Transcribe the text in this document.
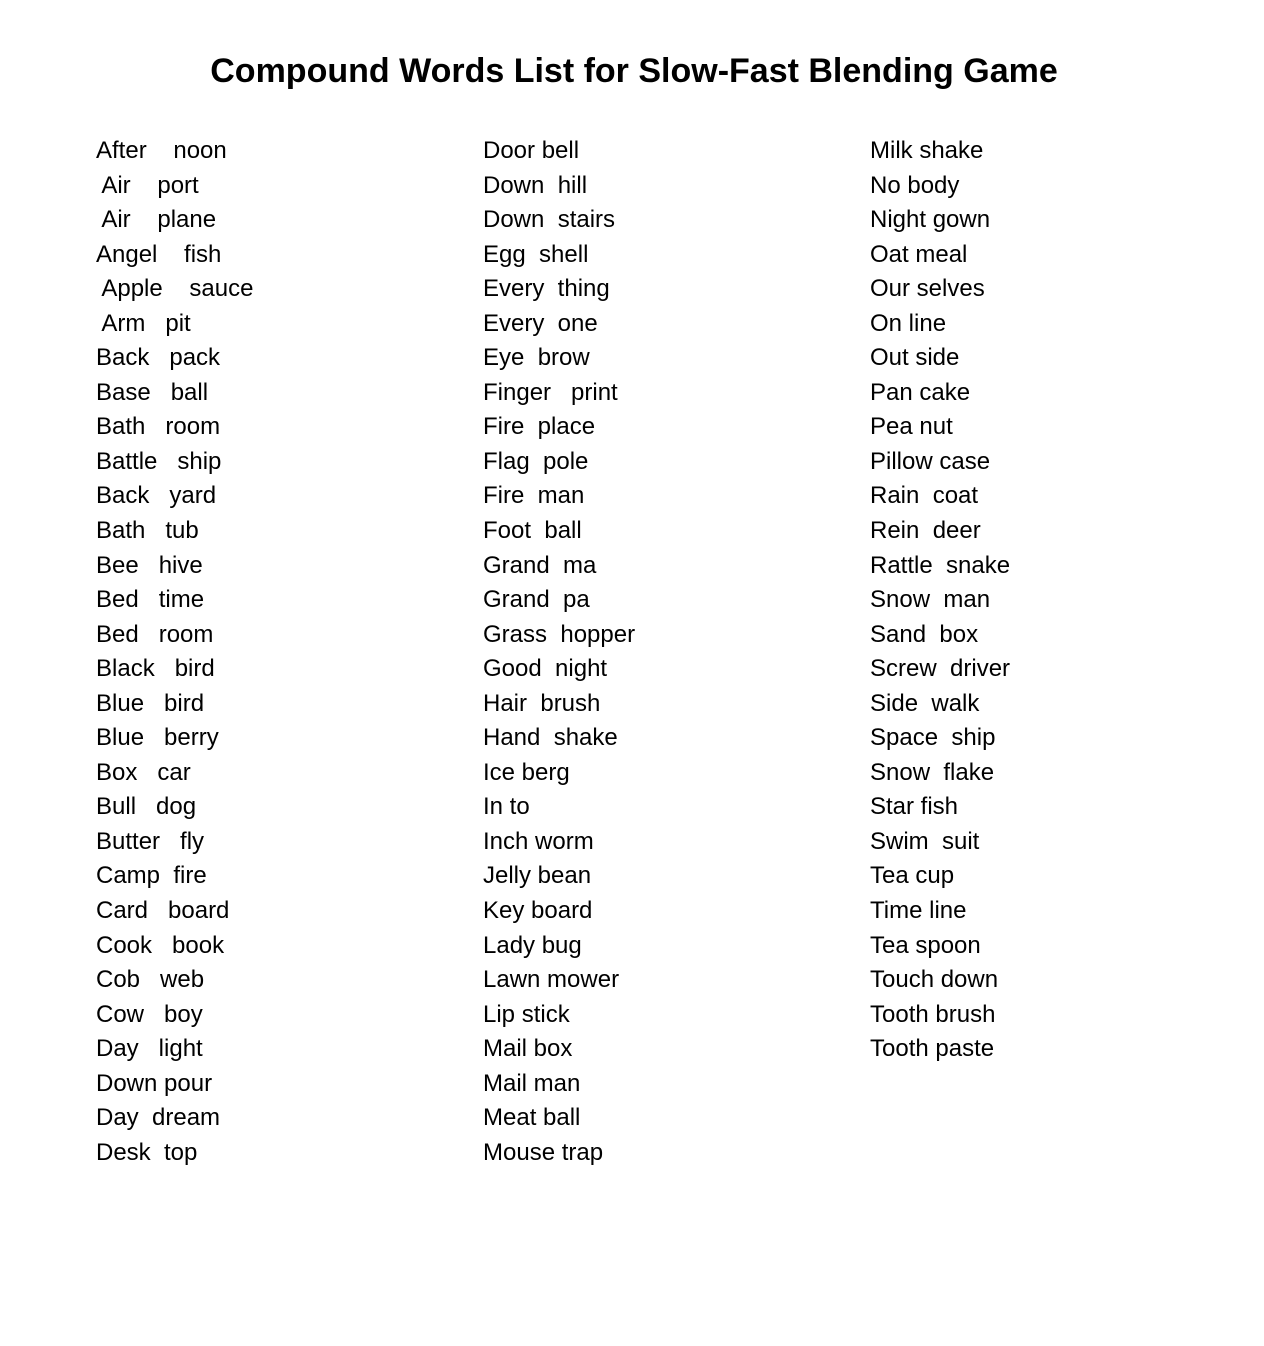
Compound Words List for Slow-Fast Blending Game
After    noon
Air    port
Air    plane
Angel    fish
Apple    sauce
Arm   pit
Back   pack
Base   ball
Bath   room
Battle   ship
Back   yard
Bath   tub
Bee   hive
Bed   time
Bed   room
Black   bird
Blue   bird
Blue   berry
Box   car
Bull   dog
Butter   fly
Camp  fire
Card   board
Cook   book
Cob   web
Cow   boy
Day   light
Down pour
Day  dream
Desk  top
Door bell
Down  hill
Down  stairs
Egg  shell
Every  thing
Every  one
Eye  brow
Finger   print
Fire  place
Flag  pole
Fire  man
Foot  ball
Grand  ma
Grand  pa
Grass  hopper
Good  night
Hair  brush
Hand  shake
Ice berg
In to
Inch worm
Jelly bean
Key board
Lady bug
Lawn mower
Lip stick
Mail box
Mail man
Meat ball
Mouse trap
Milk shake
No body
Night gown
Oat meal
Our selves
On line
Out side
Pan cake
Pea nut
Pillow case
Rain  coat
Rein  deer
Rattle  snake
Snow  man
Sand  box
Screw  driver
Side  walk
Space  ship
Snow  flake
Star fish
Swim  suit
Tea cup
Time line
Tea spoon
Touch down
Tooth brush
Tooth paste
